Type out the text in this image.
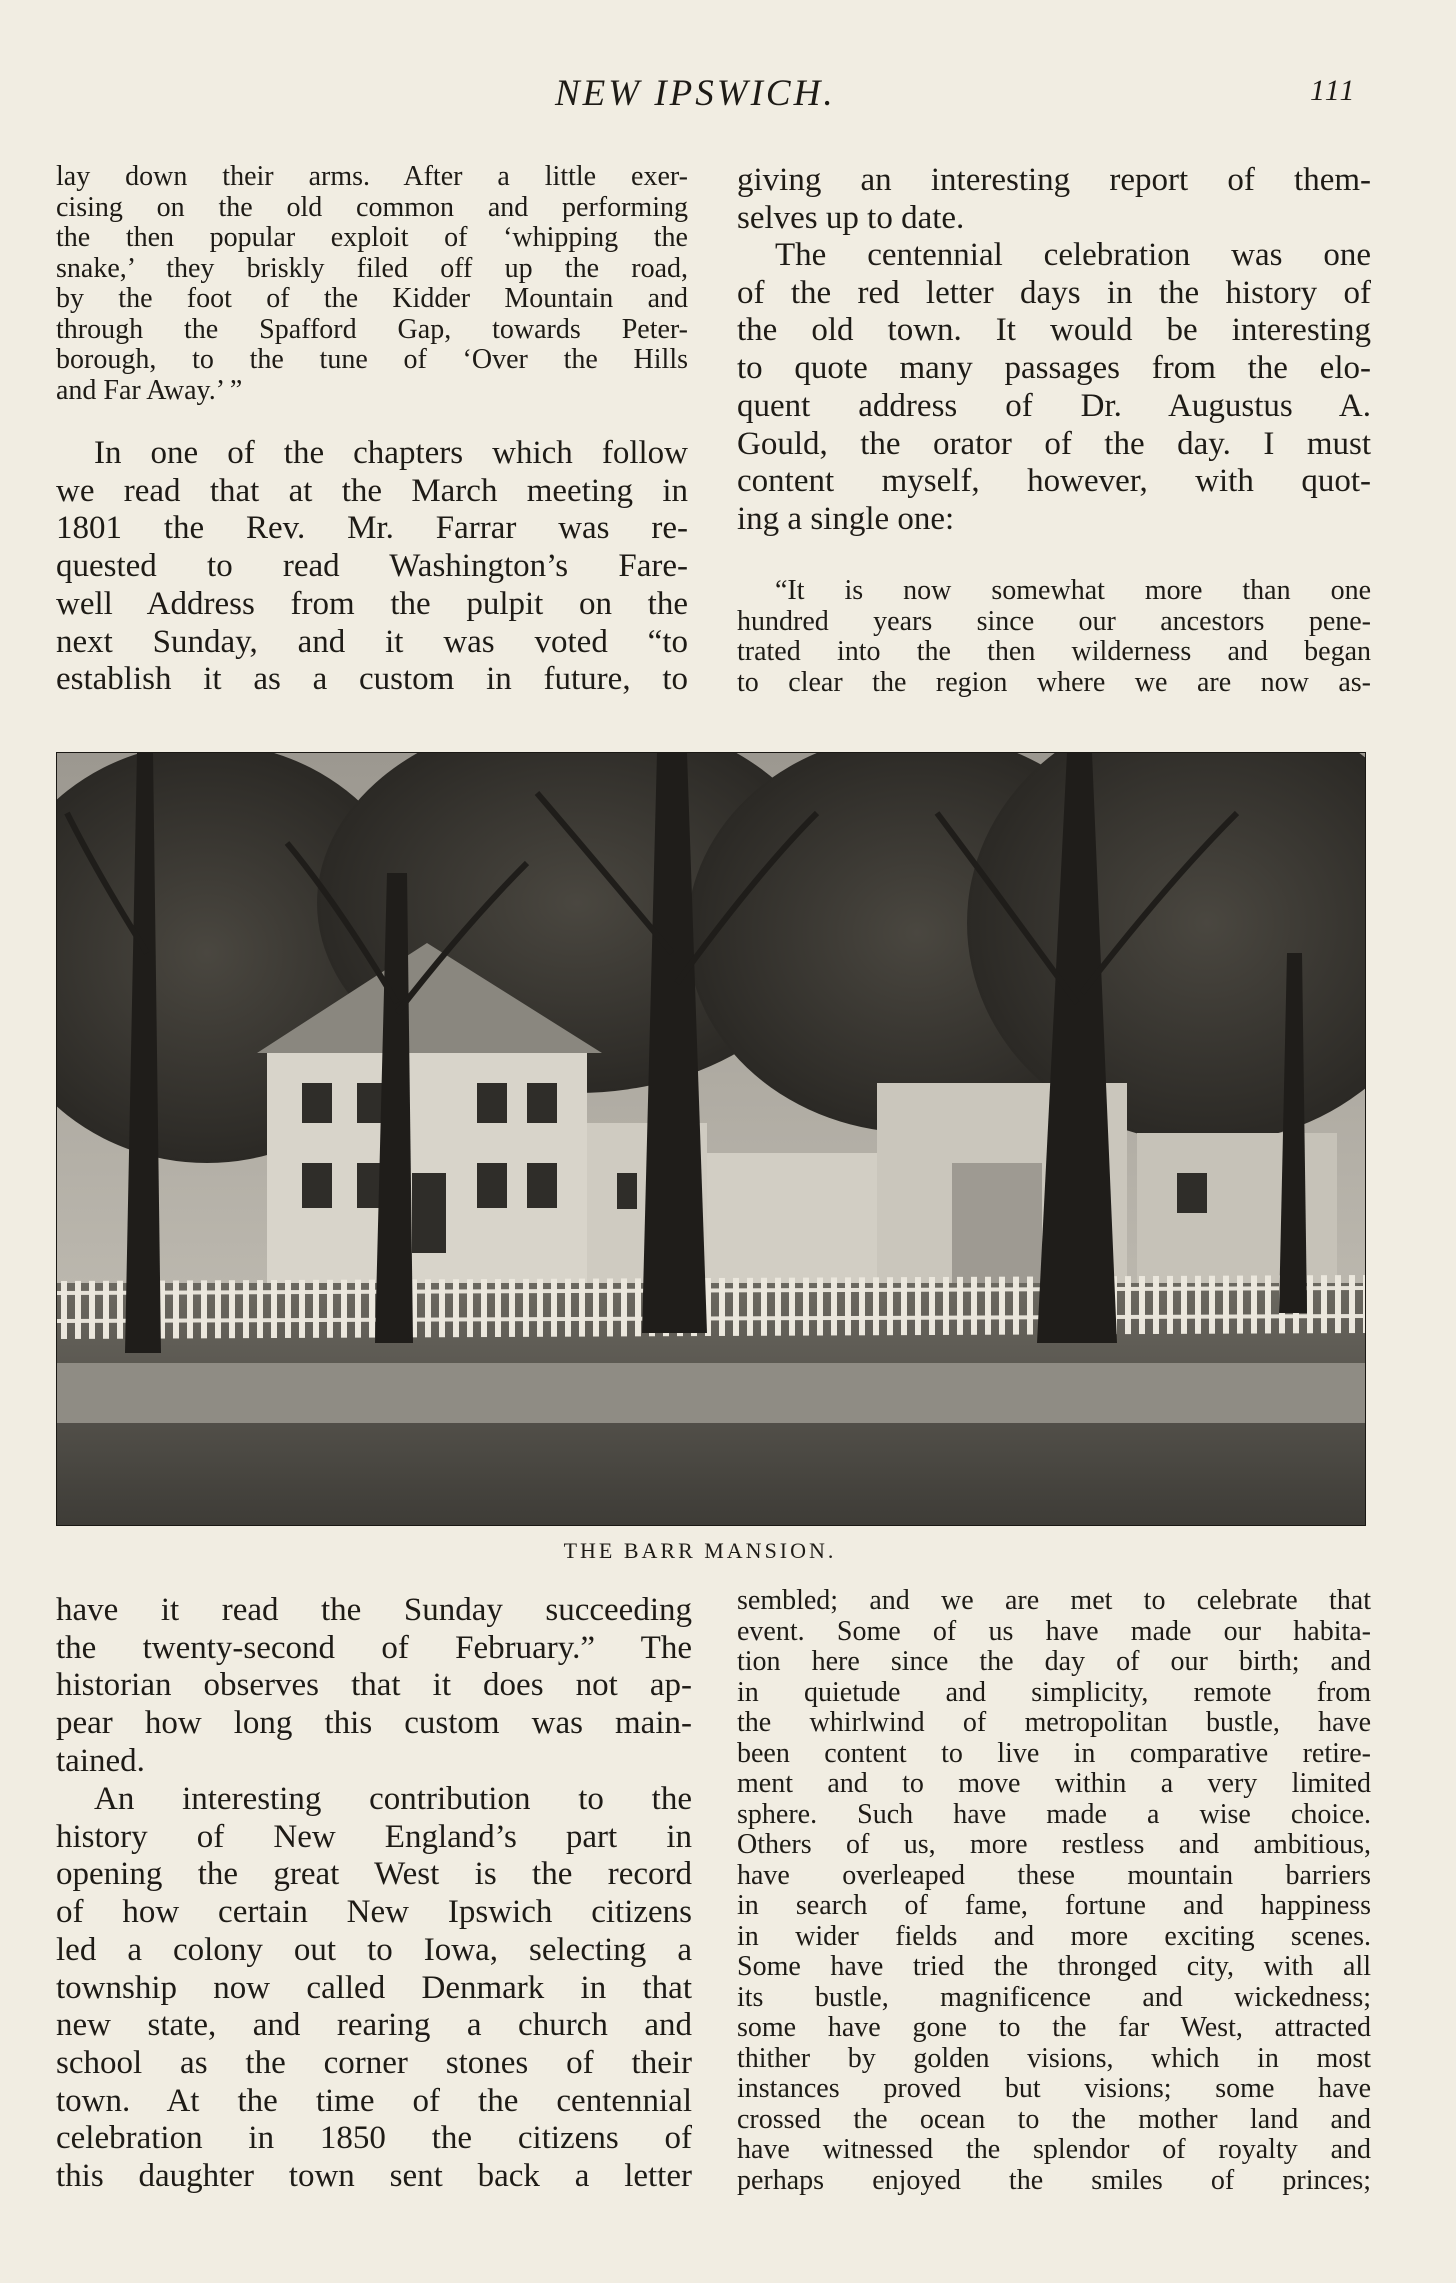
NEW IPSWICH.	111
lay down their arms. After a little exer-
cising on the old common and performing
the then popular exploit of ‘whipping the
snake,’ they briskly filed off up the road,
by the foot of the Kidder Mountain and
through the Spafford Gap, towards Peter-
borough, to the tune of ‘Over the Hills
and Far Away.’ ”
In one of the chapters which follow
we read that at the March meeting in
1801 the Rev. Mr. Farrar was re-
quested to read Washington’s Fare-
well Address from the pulpit on the
next Sunday, and it was voted “to
establish it as a custom in future, to
giving an interesting report of them-
selves up to date.
The centennial celebration was one
of the red letter days in the history of
the old town. It would be interesting
to quote many passages from the elo-
quent address of Dr. Augustus A.
Gould, the orator of the day. I must
content myself, however, with quot-
ing a single one:
“It is now somewhat more than one
hundred years since our ancestors pene-
trated into the then wilderness and began
to clear the region where we are now as-
THE BARR MANSION.
have it read the Sunday succeeding
the twenty-second of February.” The
historian observes that it does not ap-
pear how long this custom was main-
tained.
An interesting contribution to the
history of New England’s part in
opening the great West is the record
of how certain New Ipswich citizens
led a colony out to Iowa, selecting a
township now called Denmark in that
new state, and rearing a church and
school as the corner stones of their
town. At the time of the centennial
celebration in 1850 the citizens of
this daughter town sent back a letter
sembled; and we are met to celebrate that
event. Some of us have made our habita-
tion here since the day of our birth; and
in quietude and simplicity, remote from
the whirlwind of metropolitan bustle, have
been content to live in comparative retire-
ment and to move within a very limited
sphere. Such have made a wise choice.
Others of us, more restless and ambitious,
have overleaped these mountain barriers
in search of fame, fortune and happiness
in wider fields and more exciting scenes.
Some have tried the thronged city, with all
its bustle, magnificence and wickedness;
some have gone to the far West, attracted
thither by golden visions, which in most
instances proved but visions; some have
crossed the ocean to the mother land and
have witnessed the splendor of royalty and
perhaps enjoyed the smiles of princes;
